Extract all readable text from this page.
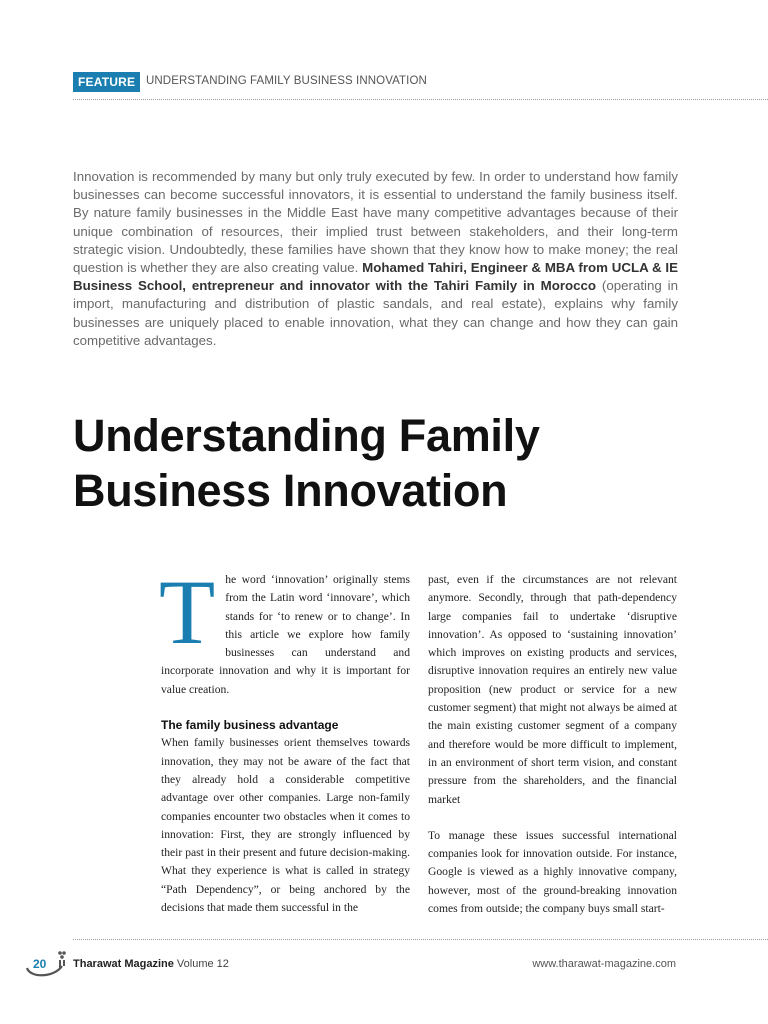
FEATURE UNDERSTANDING FAMILY BUSINESS INNOVATION

Innovation is recommended by many but only truly executed by few. In order to understand how family businesses can become successful innovators, it is essential to understand the family business itself. By nature family businesses in the Middle East have many competitive advantages because of their unique combination of resources, their implied trust between stakeholders, and their long-term strategic vision. Undoubtedly, these families have shown that they know how to make money; the real question is whether they are also creating value. Mohamed Tahiri, Engineer & MBA from UCLA & IE Business School, entrepreneur and innovator with the Tahiri Family in Morocco (operating in import, manufacturing and distribution of plastic sandals, and real estate), explains why family businesses are uniquely placed to enable innovation, what they can change and how they can gain competitive advantages.

Understanding Family
Business Innovation

The word ‘innovation’ originally stems from the Latin word ‘innovare’, which stands for ‘to renew or to change’. In this article we explore how family businesses can understand and incorporate innovation and why it is important for value creation.

The family business advantage

When family businesses orient themselves towards innovation, they may not be aware of the fact that they already hold a considerable competitive advantage over other companies. Large non-family companies encounter two obstacles when it comes to innovation: First, they are strongly influenced by their past in their present and future decision-making. What they experience is what is called in strategy “Path Dependency”, or being anchored by the decisions that made them successful in the

past, even if the circumstances are not relevant anymore. Secondly, through that path-dependency large companies fail to undertake ‘disruptive innovation’. As opposed to ‘sustaining innovation’ which improves on existing products and services, disruptive innovation requires an entirely new value proposition (new product or service for a new customer segment) that might not always be aimed at the main existing customer segment of a company and therefore would be more difficult to implement, in an environment of short term vision, and constant pressure from the shareholders, and the financial market

To manage these issues successful international companies look for innovation outside. For instance, Google is viewed as a highly innovative company, however, most of the ground-breaking innovation comes from outside; the company buys small start-

20 Tharawat Magazine Volume 12	www.tharawat-magazine.com
